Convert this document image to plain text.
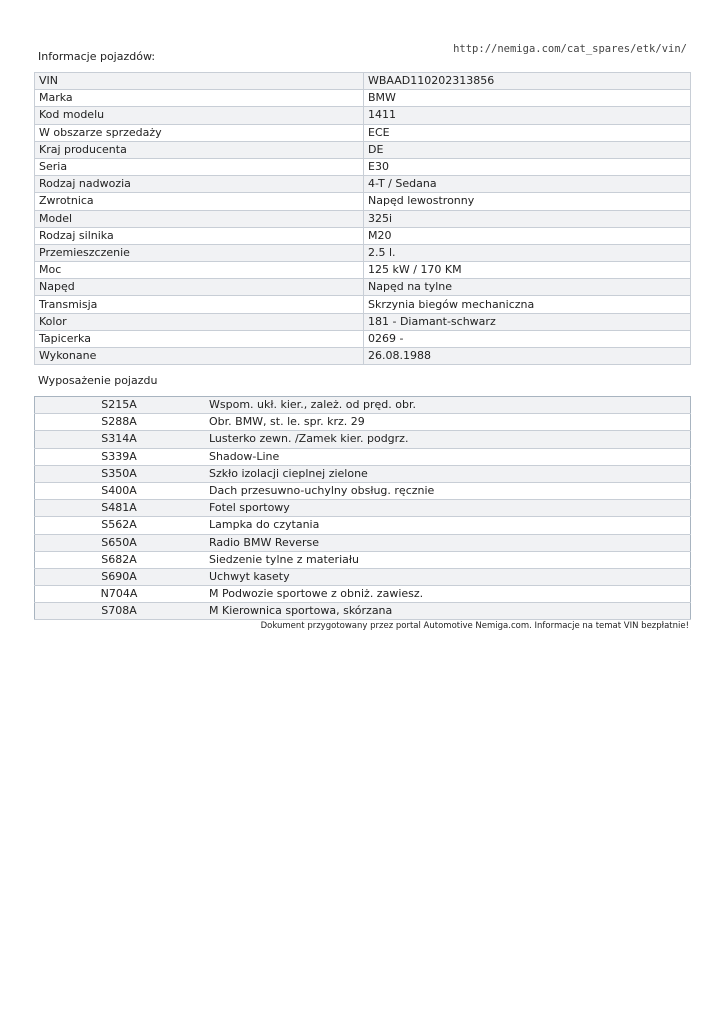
http://nemiga.com/cat_spares/etk/vin/
Informacje pojazdów:
VIN	WBAAD110202313856
Marka	BMW
Kod modelu	1411
W obszarze sprzedaży	ECE
Kraj producenta	DE
Seria	E30
Rodzaj nadwozia	4-T / Sedana
Zwrotnica	Napęd lewostronny
Model	325i
Rodzaj silnika	M20
Przemieszczenie	2.5 l.
Moc	125 kW / 170 KM
Napęd	Napęd na tylne
Transmisja	Skrzynia biegów mechaniczna
Kolor	181 - Diamant-schwarz
Tapicerka	0269 -
Wykonane	26.08.1988
Wyposażenie pojazdu
S215A	Wspom. ukł. kier., zależ. od pręd. obr.
S288A	Obr. BMW, st. le. spr. krz. 29
S314A	Lusterko zewn. /Zamek kier. podgrz.
S339A	Shadow-Line
S350A	Szkło izolacji cieplnej zielone
S400A	Dach przesuwno-uchylny obsług. ręcznie
S481A	Fotel sportowy
S562A	Lampka do czytania
S650A	Radio BMW Reverse
S682A	Siedzenie tylne z materiału
S690A	Uchwyt kasety
N704A	M Podwozie sportowe z obniż. zawiesz.
S708A	M Kierownica sportowa, skórzana
Dokument przygotowany przez portal Automotive Nemiga.com. Informacje na temat VIN bezpłatnie!
